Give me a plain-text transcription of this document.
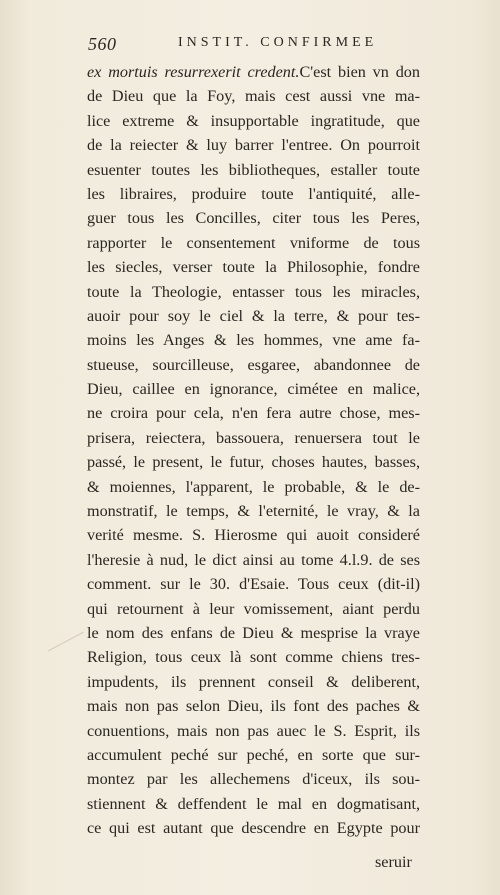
560	INSTIT. CONFIRMEE
ex mortuis resurrexerit credent.C'est bien vn don
de Dieu que la Foy, mais cest aussi vne ma-
lice extreme & insupportable ingratitude, que
de la reiecter & luy barrer l'entree. On pourroit
esuenter toutes les bibliotheques, estaller toute
les libraires, produire toute l'antiquité, alle-
guer tous les Concilles, citer tous les Peres,
rapporter le consentement vniforme de tous
les siecles, verser toute la Philosophie, fondre
toute la Theologie, entasser tous les miracles,
auoir pour soy le ciel & la terre, & pour tes-
moins les Anges & les hommes, vne ame fa-
stueuse, sourcilleuse, esgaree, abandonnee de
Dieu, caillee en ignorance, cimétee en malice,
ne croira pour cela, n'en fera autre chose, mes-
prisera, reiectera, bassouera, renuersera tout le
passé, le present, le futur, choses hautes, basses,
& moiennes, l'apparent, le probable, & le de-
monstratif, le temps, & l'eternité, le vray, & la
verité mesme. S. Hierosme qui auoit consideré
l'heresie à nud, le dict ainsi au tome 4.l.9. de ses
comment. sur le 30. d'Esaie. Tous ceux (dit-il)
qui retournent à leur vomissement, aiant perdu
le nom des enfans de Dieu & mesprise la vraye
Religion, tous ceux là sont comme chiens tres-
impudents, ils prennent conseil & deliberent,
mais non pas selon Dieu, ils font des paches &
conuentions, mais non pas auec le S. Esprit, ils
accumulent peché sur peché, en sorte que sur-
montez par les allechemens d'iceux, ils sou-
stiennent & deffendent le mal en dogmatisant,
ce qui est autant que descendre en Egypte pour
seruir
